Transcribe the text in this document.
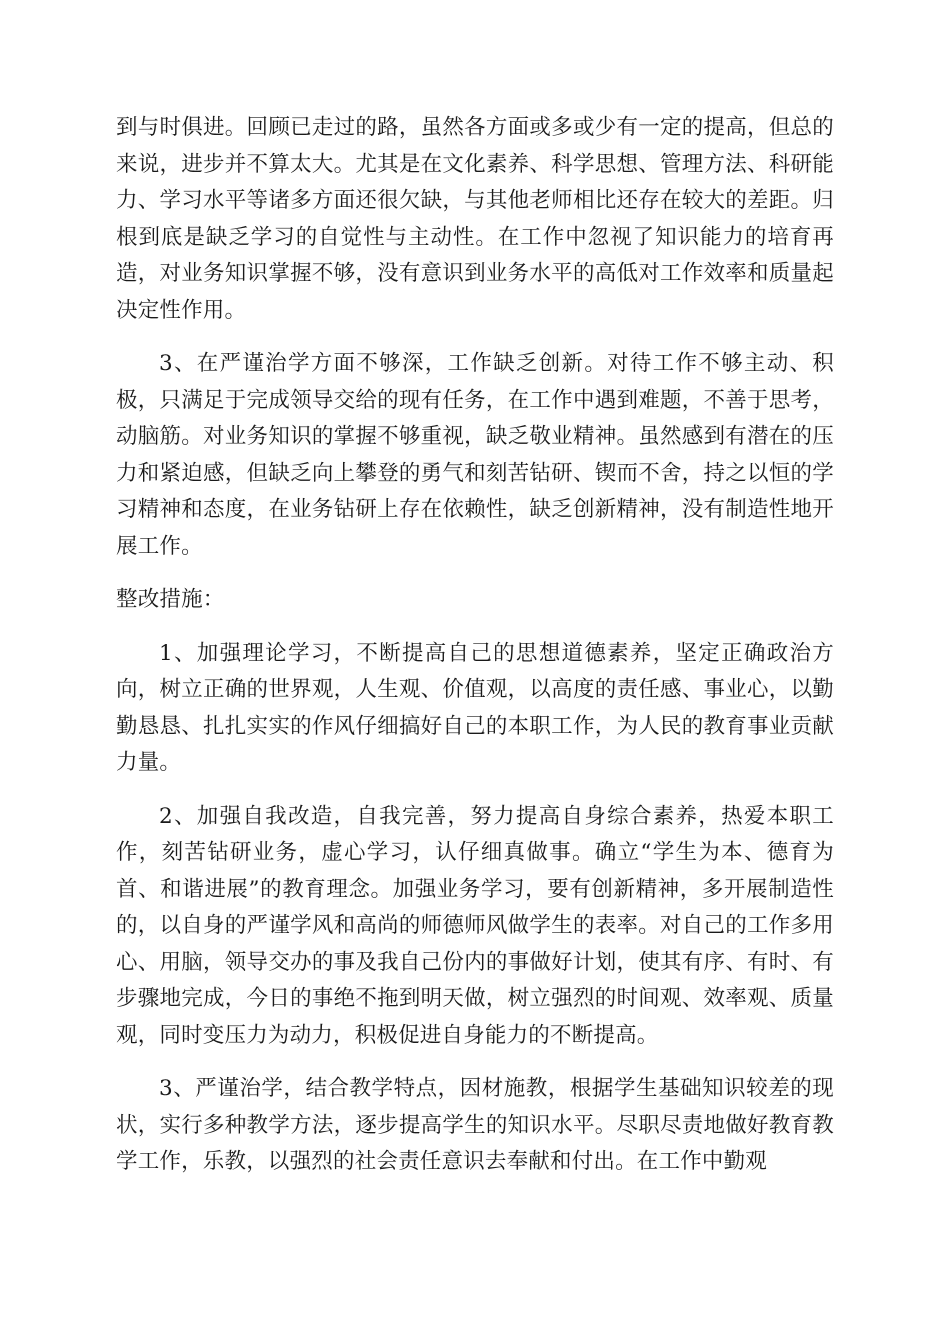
到与时俱进。回顾已走过的路，虽然各方面或多或少有一定的提高，但总的来说，进步并不算太大。尤其是在文化素养、科学思想、管理方法、科研能力、学习水平等诸多方面还很欠缺，与其他老师相比还存在较大的差距。归根到底是缺乏学习的自觉性与主动性。在工作中忽视了知识能力的培育再造，对业务知识掌握不够，没有意识到业务水平的高低对工作效率和质量起决定性作用。

3、在严谨治学方面不够深，工作缺乏创新。对待工作不够主动、积极，只满足于完成领导交给的现有任务，在工作中遇到难题，不善于思考，动脑筋。对业务知识的掌握不够重视，缺乏敬业精神。虽然感到有潜在的压力和紧迫感，但缺乏向上攀登的勇气和刻苦钻研、锲而不舍，持之以恒的学习精神和态度，在业务钻研上存在依赖性，缺乏创新精神，没有制造性地开展工作。

整改措施：

1、加强理论学习，不断提高自己的思想道德素养，坚定正确政治方向，树立正确的世界观，人生观、价值观，以高度的责任感、事业心，以勤勤恳恳、扎扎实实的作风仔细搞好自己的本职工作，为人民的教育事业贡献力量。

2、加强自我改造，自我完善，努力提高自身综合素养，热爱本职工作，刻苦钻研业务，虚心学习，认仔细真做事。确立“学生为本、德育为首、和谐进展”的教育理念。加强业务学习，要有创新精神，多开展制造性的，以自身的严谨学风和高尚的师德师风做学生的表率。对自己的工作多用心、用脑，领导交办的事及我自己份内的事做好计划，使其有序、有时、有步骤地完成，今日的事绝不拖到明天做，树立强烈的时间观、效率观、质量观，同时变压力为动力，积极促进自身能力的不断提高。

3、严谨治学，结合教学特点，因材施教，根据学生基础知识较差的现状，实行多种教学方法，逐步提高学生的知识水平。尽职尽责地做好教育教学工作，乐教，以强烈的社会责任意识去奉献和付出。在工作中勤观
